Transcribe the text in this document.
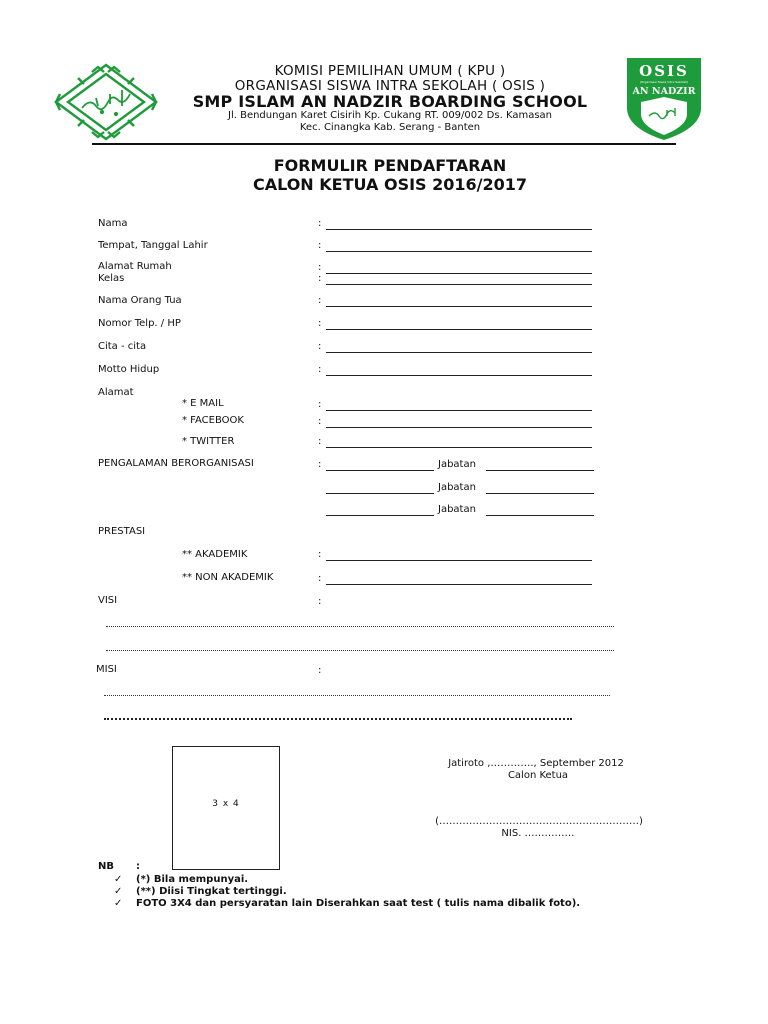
OSIS
(Organisasi Siswa Intra Sekolah)
AN NADZIR
KOMISI PEMILIHAN UMUM ( KPU )
ORGANISASI SISWA INTRA SEKOLAH ( OSIS )
SMP ISLAM AN NADZIR BOARDING SCHOOL
Jl. Bendungan Karet Cisirih Kp. Cukang RT. 009/002 Ds. Kamasan
Kec. Cinangka Kab. Serang - Banten
FORMULIR PENDAFTARAN
CALON KETUA OSIS 2016/2017
Nama	:
Tempat, Tanggal Lahir	:
Alamat Rumah	:
Kelas	:
Nama Orang Tua	:
Nomor Telp. / HP	:
Cita - cita	:
Motto Hidup	:
Alamat
* E MAIL	:
* FACEBOOK	:
* TWITTER	:
PENGALAMAN BERORGANISASI	:	Jabatan
Jabatan
Jabatan
PRESTASI
** AKADEMIK	:
** NON AKADEMIK	:
VISI	:
MISI	:
3 x 4
Jatiroto ,…………., September 2012
Calon Ketua
(……………………………………………………)
NIS. ……………
NB :
✓ (*) Bila mempunyai.
✓ (**) Diisi Tingkat tertinggi.
✓ FOTO 3X4 dan persyaratan lain Diserahkan saat test ( tulis nama dibalik foto).
